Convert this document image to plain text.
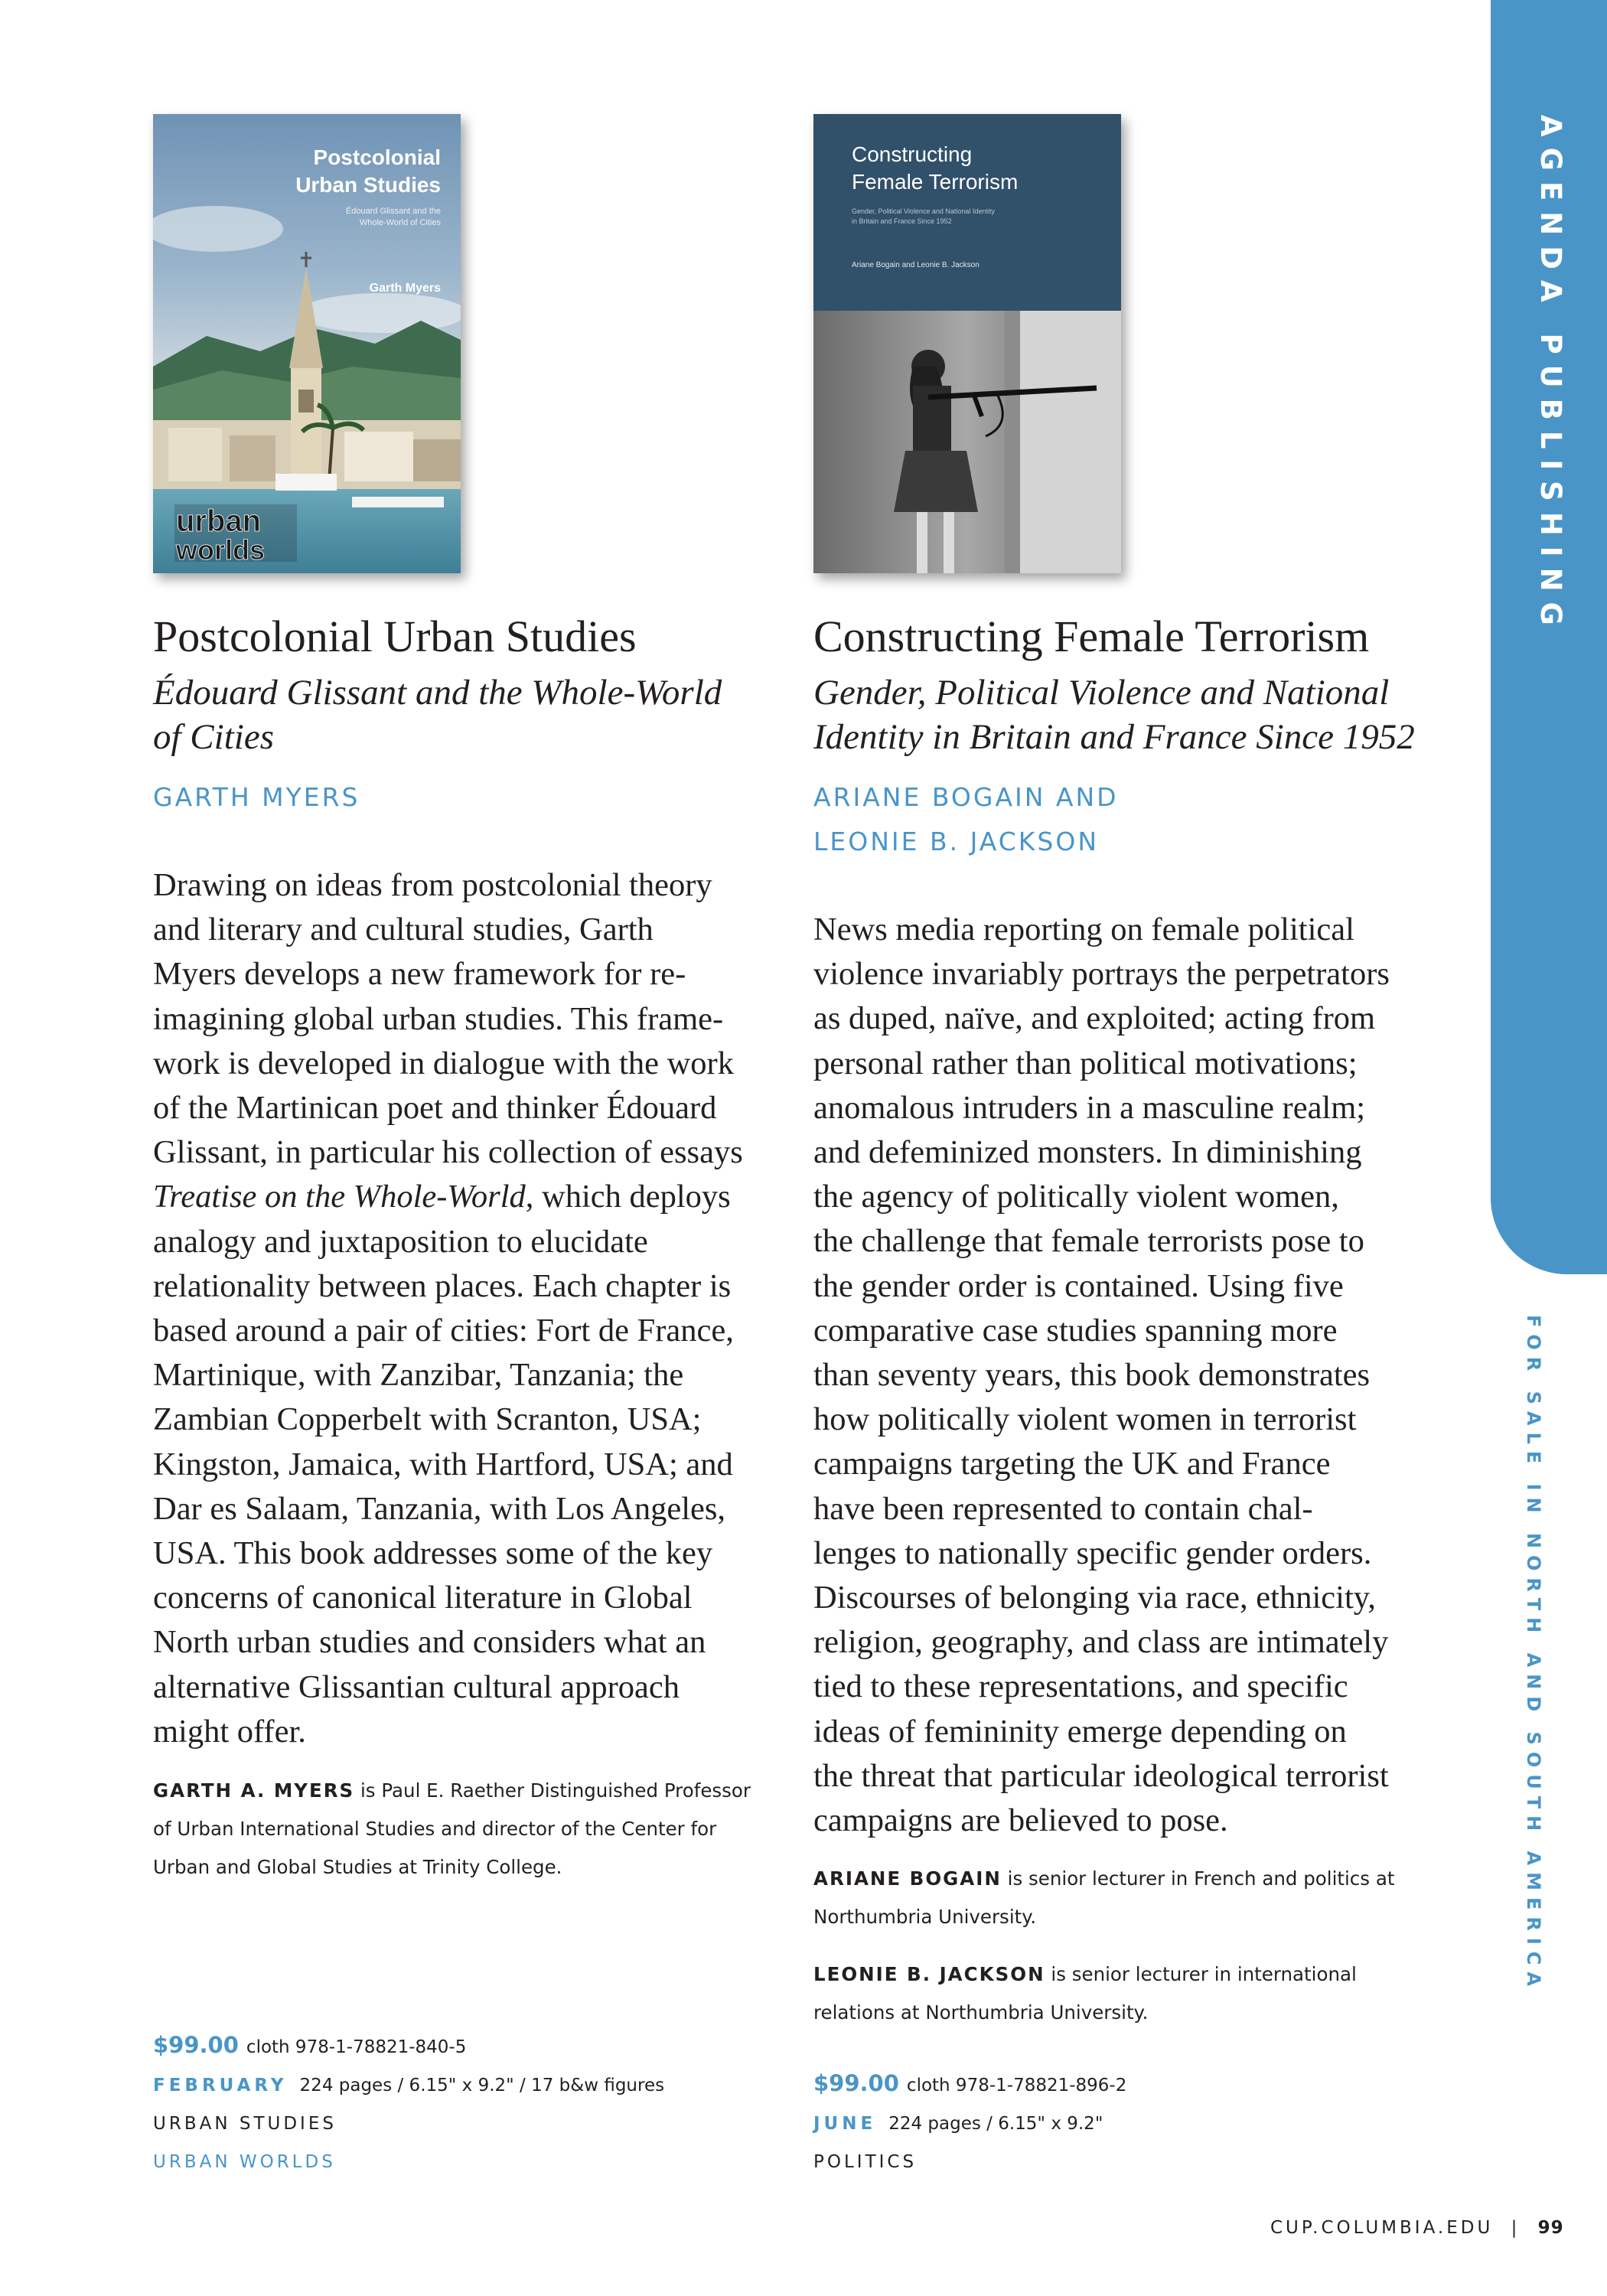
AGENDA PUBLISHING
FOR SALE IN NORTH AND SOUTH AMERICA
urban
worlds
Postcolonial
Urban Studies
Édouard Glissant and the
Whole-World of Cities
Garth Myers
Postcolonial Urban Studies
Édouard Glissant and the Whole-World
of Cities
GARTH MYERS
Drawing on ideas from postcolonial theory
and literary and cultural studies, Garth
Myers develops a new framework for re-
imagining global urban studies. This frame-
work is developed in dialogue with the work
of the Martinican poet and thinker Édouard
Glissant, in particular his collection of essays
Treatise on the Whole-World, which deploys
analogy and juxtaposition to elucidate
relationality between places. Each chapter is
based around a pair of cities: Fort de France,
Martinique, with Zanzibar, Tanzania; the
Zambian Copperbelt with Scranton, USA;
Kingston, Jamaica, with Hartford, USA; and
Dar es Salaam, Tanzania, with Los Angeles,
USA. This book addresses some of the key
concerns of canonical literature in Global
North urban studies and considers what an
alternative Glissantian cultural approach
might offer.
GARTH A. MYERS is Paul E. Raether Distinguished Professor
of Urban International Studies and director of the Center for
Urban and Global Studies at Trinity College.
$99.00 cloth 978-1-78821-840-5
FEBRUARY 224 pages / 6.15" x 9.2" / 17 b&w figures
URBAN STUDIES
URBAN WORLDS
Constructing
Female Terrorism
Gender, Political Violence and National Identity
in Britain and France Since 1952
Ariane Bogain and Leonie B. Jackson
Constructing Female Terrorism
Gender, Political Violence and National
Identity in Britain and France Since 1952
ARIANE BOGAIN AND
LEONIE B. JACKSON
News media reporting on female political
violence invariably portrays the perpetrators
as duped, naïve, and exploited; acting from
personal rather than political motivations;
anomalous intruders in a masculine realm;
and defeminized monsters. In diminishing
the agency of politically violent women,
the challenge that female terrorists pose to
the gender order is contained. Using five
comparative case studies spanning more
than seventy years, this book demonstrates
how politically violent women in terrorist
campaigns targeting the UK and France
have been represented to contain chal-
lenges to nationally specific gender orders.
Discourses of belonging via race, ethnicity,
religion, geography, and class are intimately
tied to these representations, and specific
ideas of femininity emerge depending on
the threat that particular ideological terrorist
campaigns are believed to pose.
ARIANE BOGAIN is senior lecturer in French and politics at
Northumbria University.
LEONIE B. JACKSON is senior lecturer in international
relations at Northumbria University.
$99.00 cloth 978-1-78821-896-2
JUNE 224 pages / 6.15" x 9.2"
POLITICS
CUP.COLUMBIA.EDU | 99
